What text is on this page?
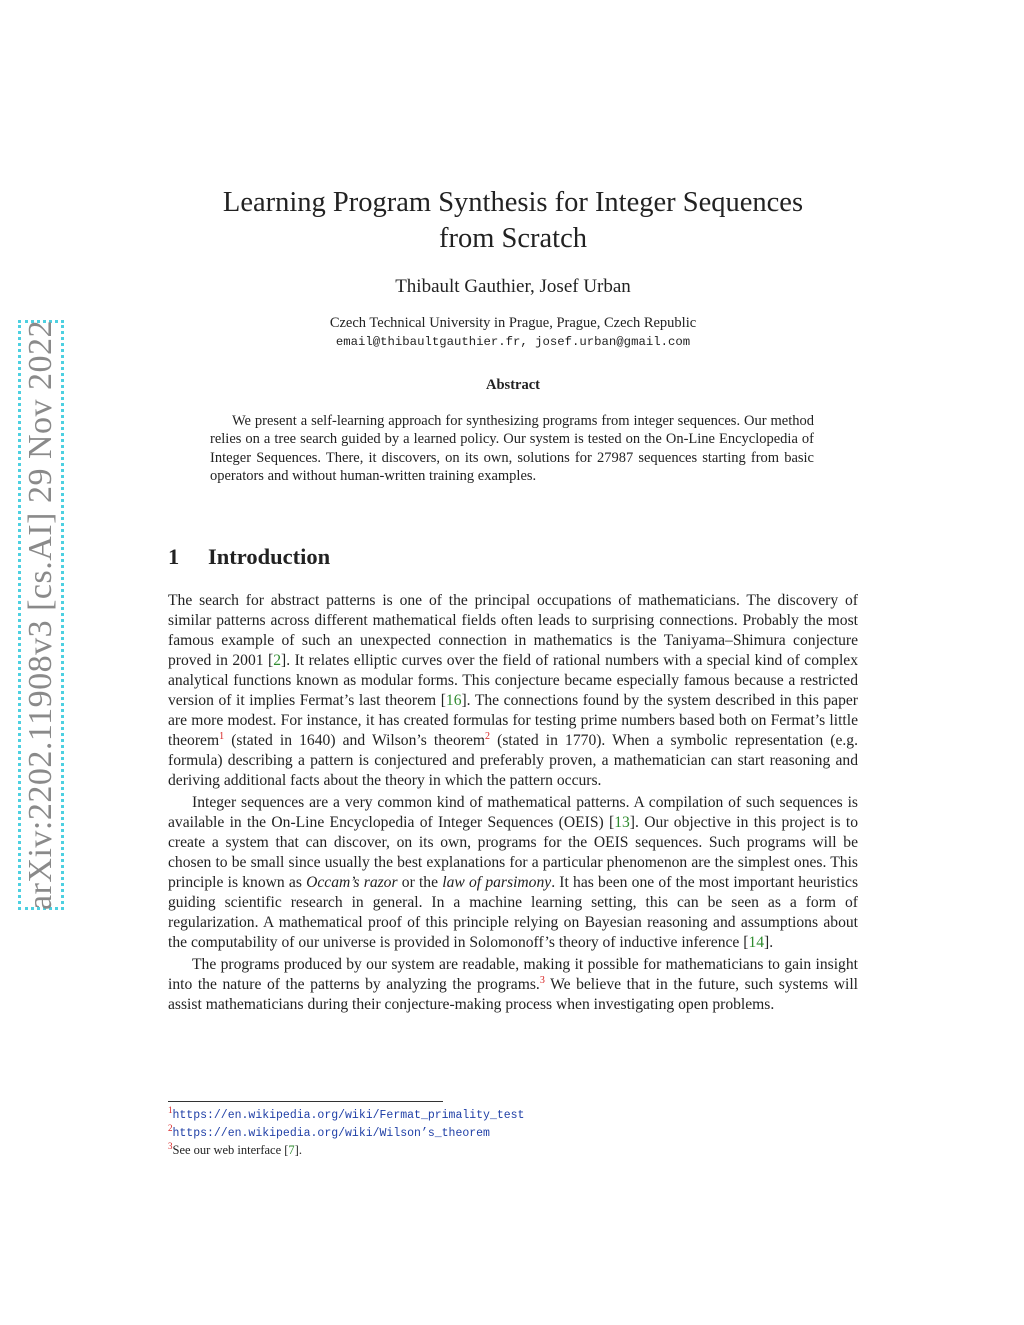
arXiv:2202.11908v3 [cs.AI] 29 Nov 2022
Learning Program Synthesis for Integer Sequences
from Scratch
Thibault Gauthier, Josef Urban
Czech Technical University in Prague, Prague, Czech Republic
email@thibaultgauthier.fr, josef.urban@gmail.com
Abstract
We present a self-learning approach for synthesizing programs from integer sequences. Our method relies on a tree search guided by a learned policy. Our system is tested on the On-Line Encyclopedia of Integer Sequences. There, it discovers, on its own, solutions for 27987 sequences starting from basic operators and without human-written training examples.
1 Introduction

The search for abstract patterns is one of the principal occupations of mathematicians. The discovery of similar patterns across different mathematical fields often leads to surprising connections. Probably the most famous example of such an unexpected connection in mathematics is the Taniyama–Shimura conjecture proved in 2001 [2]. It relates elliptic curves over the field of rational numbers with a special kind of complex analytical functions known as modular forms. This conjecture became especially famous because a restricted version of it implies Fermat’s last theorem [16]. The connections found by the system described in this paper are more modest. For instance, it has created formulas for testing prime numbers based both on Fermat’s little theorem$^1$ (stated in 1640) and Wilson’s theorem$^2$ (stated in 1770). When a symbolic representation (e.g. formula) describing a pattern is conjectured and preferably proven, a mathematician can start reasoning and deriving additional facts about the theory in which the pattern occurs.

Integer sequences are a very common kind of mathematical patterns. A compilation of such sequences is available in the On-Line Encyclopedia of Integer Sequences (OEIS) [13]. Our objective in this project is to create a system that can discover, on its own, programs for the OEIS sequences. Such programs will be chosen to be small since usually the best explanations for a particular phenomenon are the simplest ones. This principle is known as Occam’s razor or the law of parsimony. It has been one of the most important heuristics guiding scientific research in general. In a machine learning setting, this can be seen as a form of regularization. A mathematical proof of this principle relying on Bayesian reasoning and assumptions about the computability of our universe is provided in Solomonoff’s theory of inductive inference [14].

The programs produced by our system are readable, making it possible for mathematicians to gain insight into the nature of the patterns by analyzing the programs.$^3$ We believe that in the future, such systems will assist mathematicians during their conjecture-making process when investigating open problems.

$^1$https://en.wikipedia.org/wiki/Fermat_primality_test
$^2$https://en.wikipedia.org/wiki/Wilson’s_theorem
$^3$See our web interface [7].
